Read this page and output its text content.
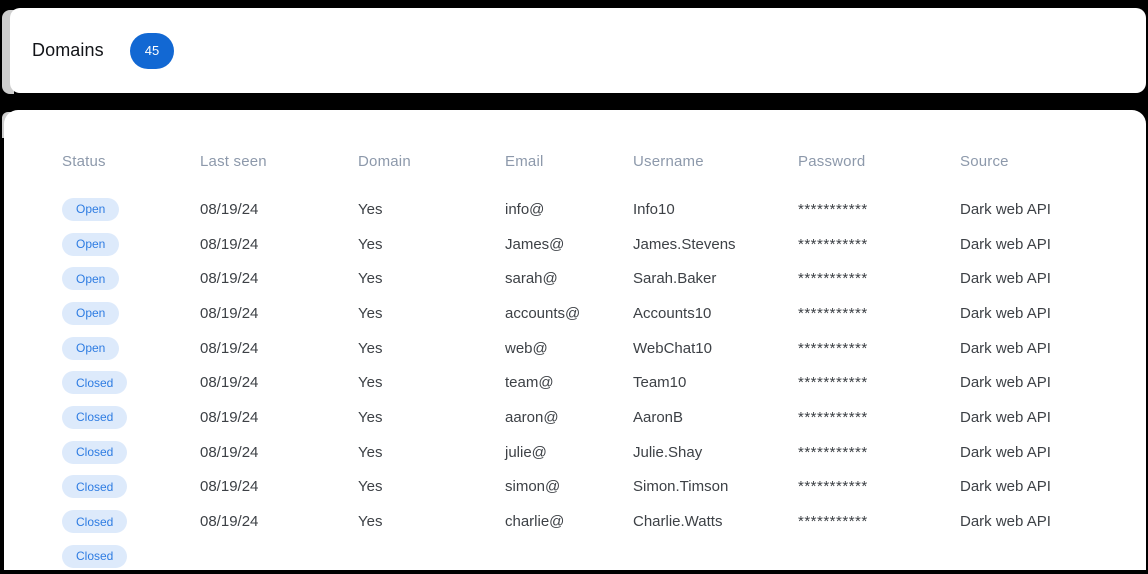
Domains	45
Status	Last seen	Domain	Email	Username	Password	Source
Open	08/19/24	Yes	info@	Info10	***********	Dark web API
Open	08/19/24	Yes	James@	James.Stevens	***********	Dark web API
Open	08/19/24	Yes	sarah@	Sarah.Baker	***********	Dark web API
Open	08/19/24	Yes	accounts@	Accounts10	***********	Dark web API
Open	08/19/24	Yes	web@	WebChat10	***********	Dark web API
Closed	08/19/24	Yes	team@	Team10	***********	Dark web API
Closed	08/19/24	Yes	aaron@	AaronB	***********	Dark web API
Closed	08/19/24	Yes	julie@	Julie.Shay	***********	Dark web API
Closed	08/19/24	Yes	simon@	Simon.Timson	***********	Dark web API
Closed	08/19/24	Yes	charlie@	Charlie.Watts	***********	Dark web API
Closed
